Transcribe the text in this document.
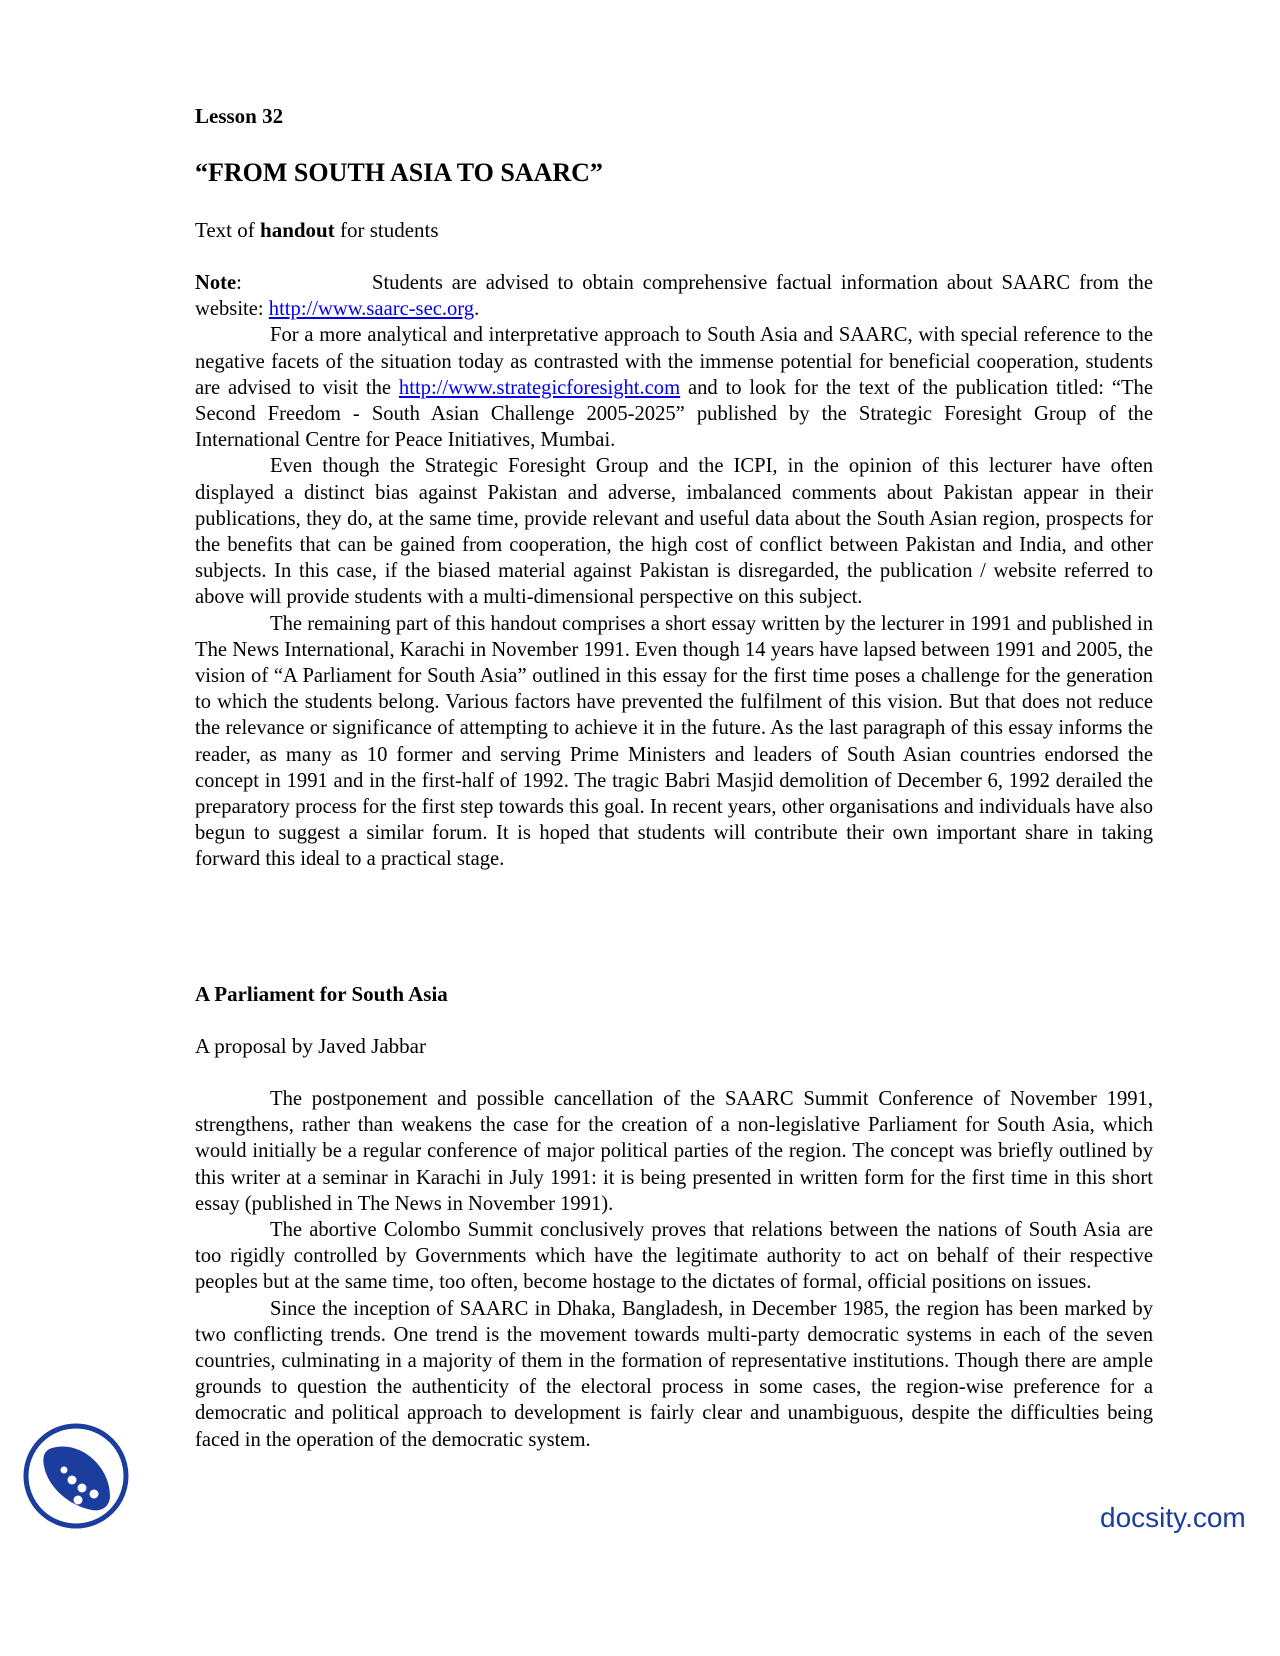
Lesson 32
“FROM SOUTH ASIA TO SAARC”
Text of handout for students

Note:	Students are advised to obtain comprehensive factual information about SAARC from the website: http://www.saarc-sec.org.

For a more analytical and interpretative approach to South Asia and SAARC, with special reference to the negative facets of the situation today as contrasted with the immense potential for beneficial cooperation, students are advised to visit the http://www.strategicforesight.com and to look for the text of the publication titled: “The Second Freedom - South Asian Challenge 2005-2025” published by the Strategic Foresight Group of the International Centre for Peace Initiatives, Mumbai.

Even though the Strategic Foresight Group and the ICPI, in the opinion of this lecturer have often displayed a distinct bias against Pakistan and adverse, imbalanced comments about Pakistan appear in their publications, they do, at the same time, provide relevant and useful data about the South Asian region, prospects for the benefits that can be gained from cooperation, the high cost of conflict between Pakistan and India, and other subjects. In this case, if the biased material against Pakistan is disregarded, the publication / website referred to above will provide students with a multi-dimensional perspective on this subject.

The remaining part of this handout comprises a short essay written by the lecturer in 1991 and published in The News International, Karachi in November 1991. Even though 14 years have lapsed between 1991 and 2005, the vision of “A Parliament for South Asia” outlined in this essay for the first time poses a challenge for the generation to which the students belong. Various factors have prevented the fulfilment of this vision. But that does not reduce the relevance or significance of attempting to achieve it in the future. As the last paragraph of this essay informs the reader, as many as 10 former and serving Prime Ministers and leaders of South Asian countries endorsed the concept in 1991 and in the first-half of 1992. The tragic Babri Masjid demolition of December 6, 1992 derailed the preparatory process for the first step towards this goal. In recent years, other organisations and individuals have also begun to suggest a similar forum. It is hoped that students will contribute their own important share in taking forward this ideal to a practical stage.

A Parliament for South Asia
A proposal by Javed Jabbar

The postponement and possible cancellation of the SAARC Summit Conference of November 1991, strengthens, rather than weakens the case for the creation of a non-legislative Parliament for South Asia, which would initially be a regular conference of major political parties of the region. The concept was briefly outlined by this writer at a seminar in Karachi in July 1991: it is being presented in written form for the first time in this short essay (published in The News in November 1991).

The abortive Colombo Summit conclusively proves that relations between the nations of South Asia are too rigidly controlled by Governments which have the legitimate authority to act on behalf of their respective peoples but at the same time, too often, become hostage to the dictates of formal, official positions on issues.

Since the inception of SAARC in Dhaka, Bangladesh, in December 1985, the region has been marked by two conflicting trends. One trend is the movement towards multi-party democratic systems in each of the seven countries, culminating in a majority of them in the formation of representative institutions. Though there are ample grounds to question the authenticity of the electoral process in some cases, the region-wise preference for a democratic and political approach to development is fairly clear and unambiguous, despite the difficulties being faced in the operation of the democratic system.

docsity.com
